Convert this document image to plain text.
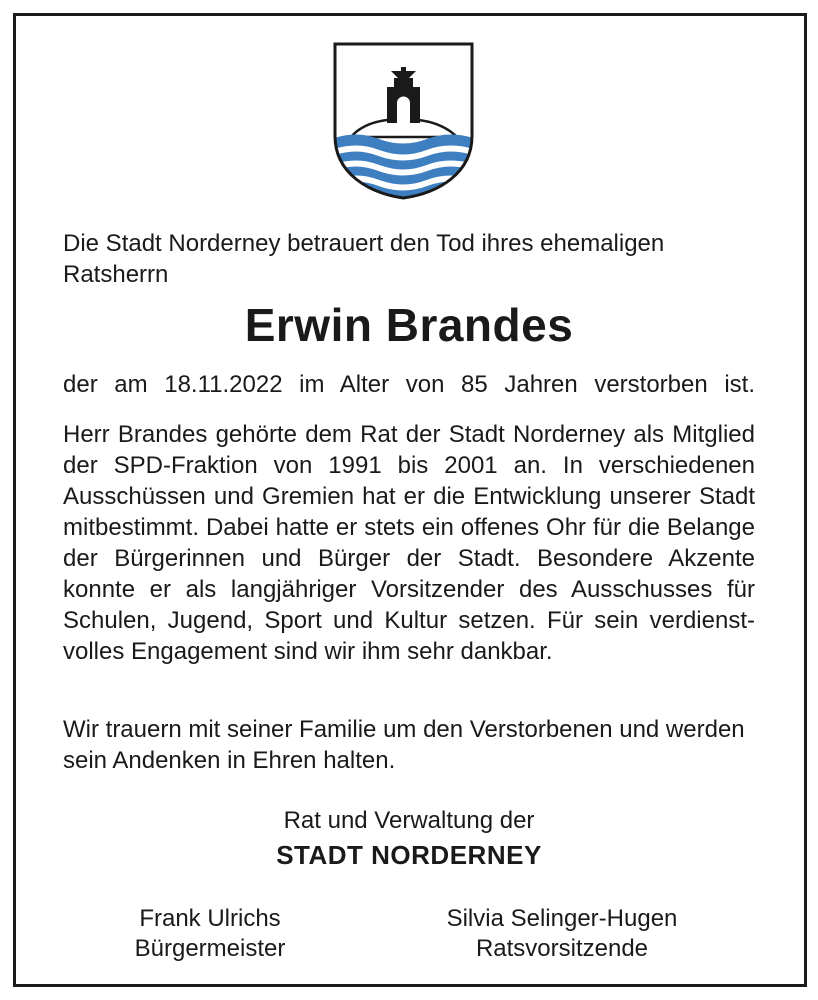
Die Stadt Norderney betrauert den Tod ihres ehemaligen Ratsherrn

Erwin Brandes

der am 18.11.2022 im Alter von 85 Jahren verstorben ist.

Herr Brandes gehörte dem Rat der Stadt Norderney als Mitglied der SPD-Fraktion von 1991 bis 2001 an. In verschiedenen Ausschüssen und Gremien hat er die Entwicklung unserer Stadt mitbestimmt. Dabei hatte er stets ein offenes Ohr für die Belange der Bürgerinnen und Bürger der Stadt. Besondere Akzente konnte er als langjähriger Vorsitzender des Ausschusses für Schulen, Jugend, Sport und Kultur setzen. Für sein verdienstvolles Engagement sind wir ihm sehr dankbar.

Wir trauern mit seiner Familie um den Verstorbenen und werden sein Andenken in Ehren halten.

Rat und Verwaltung der
STADT NORDERNEY
Frank Ulrichs
Bürgermeister
Silvia Selinger-Hugen
Ratsvorsitzende
